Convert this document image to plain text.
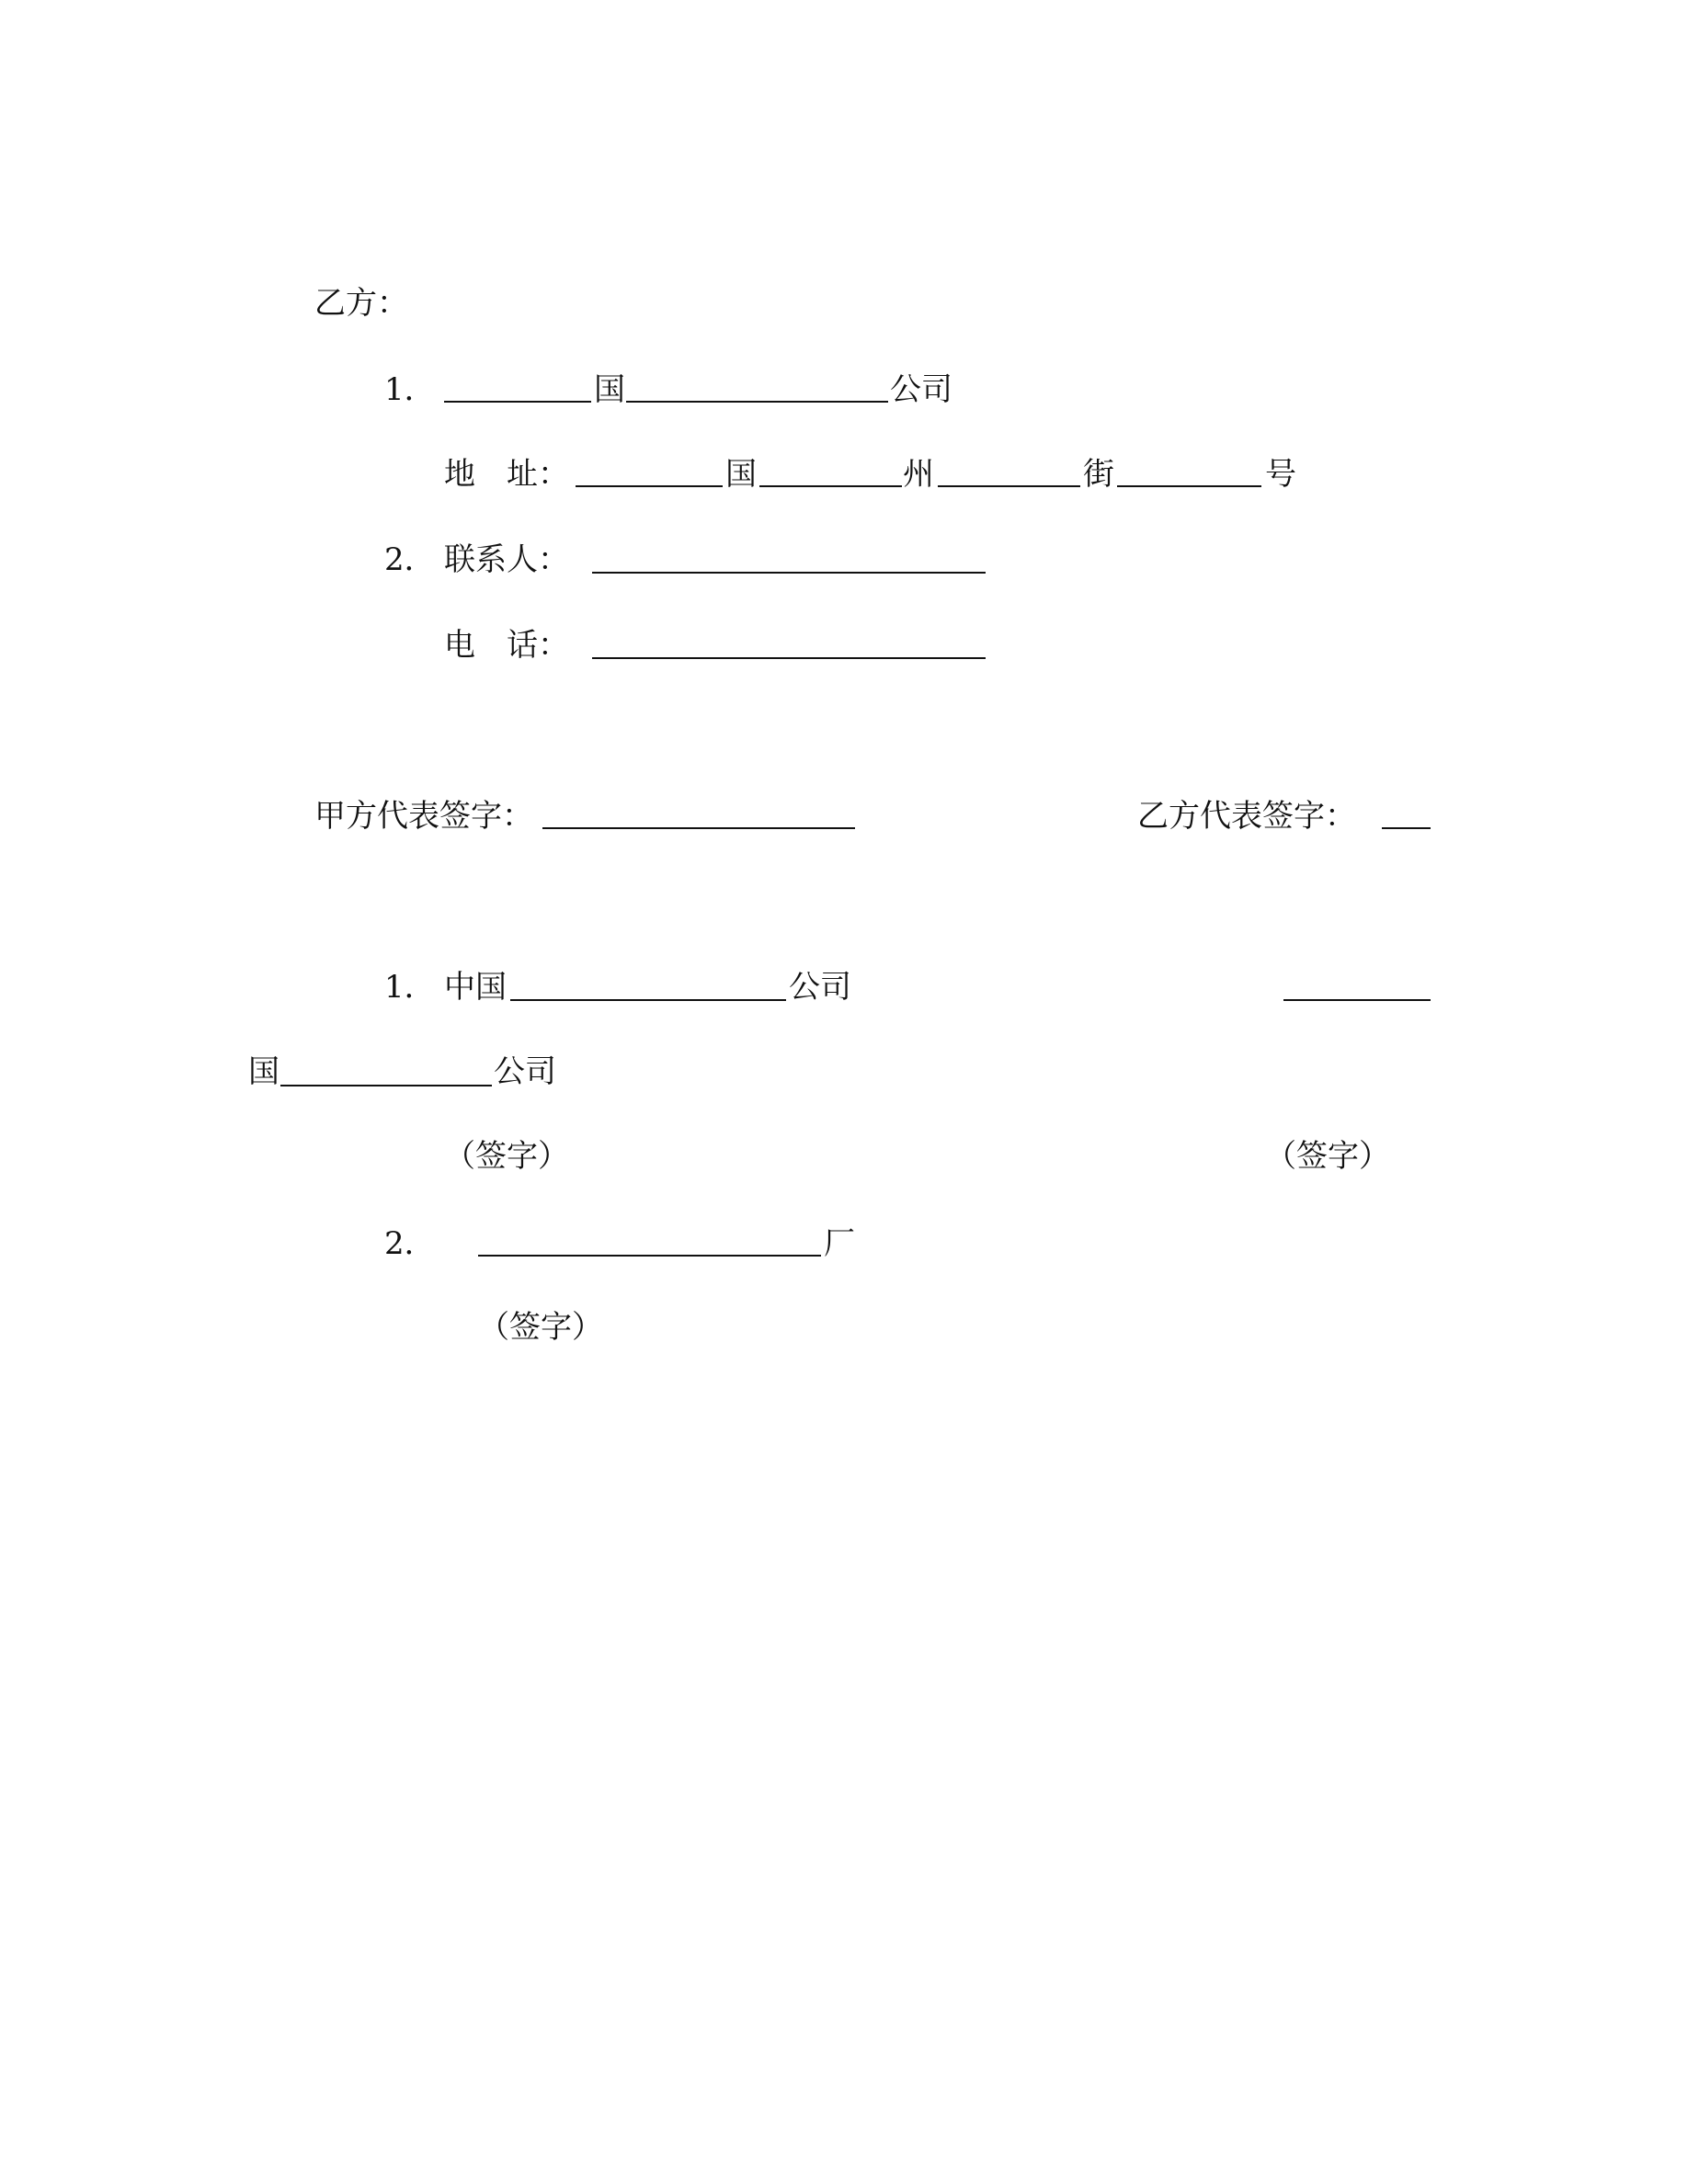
乙方：
1．	国	公司
地　址：	国	州	街	号
2． 联系人：
电　话：
甲方代表签字：	乙方代表签字：
1． 中国	公司
国	公司
（签字）	（签字）
2．	厂
（签字）
